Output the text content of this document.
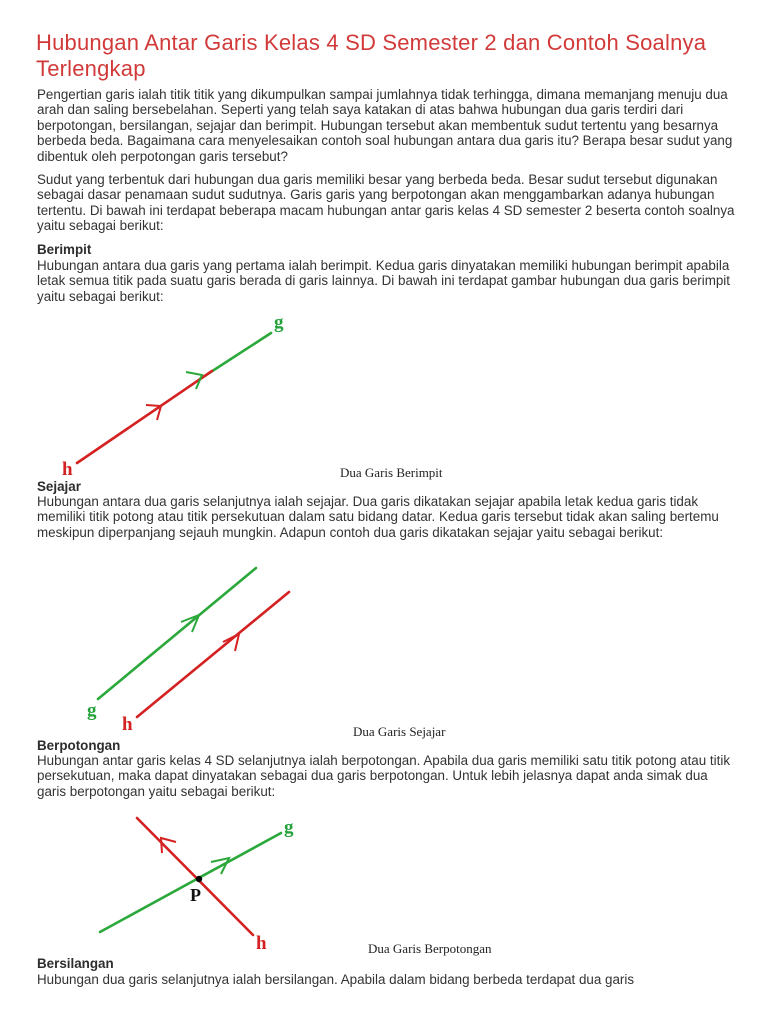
Hubungan Antar Garis Kelas 4 SD Semester 2 dan Contoh Soalnya Terlengkap

Pengertian garis ialah titik titik yang dikumpulkan sampai jumlahnya tidak terhingga, dimana memanjang menuju dua arah dan saling bersebelahan. Seperti yang telah saya katakan di atas bahwa hubungan dua garis terdiri dari berpotongan, bersilangan, sejajar dan berimpit. Hubungan tersebut akan membentuk sudut tertentu yang besarnya berbeda beda. Bagaimana cara menyelesaikan contoh soal hubungan antara dua garis itu? Berapa besar sudut yang dibentuk oleh perpotongan garis tersebut?

Sudut yang terbentuk dari hubungan dua garis memiliki besar yang berbeda beda. Besar sudut tersebut digunakan sebagai dasar penamaan sudut sudutnya. Garis garis yang berpotongan akan menggambarkan adanya hubungan tertentu. Di bawah ini terdapat beberapa macam hubungan antar garis kelas 4 SD semester 2 beserta contoh soalnya yaitu sebagai berikut:

Berimpit

Hubungan antara dua garis yang pertama ialah berimpit. Kedua garis dinyatakan memiliki hubungan berimpit apabila letak semua titik pada suatu garis berada di garis lainnya. Di bawah ini terdapat gambar hubungan dua garis berimpit yaitu sebagai berikut:

g
h	Dua Garis Berimpit
Sejajar

Hubungan antara dua garis selanjutnya ialah sejajar. Dua garis dikatakan sejajar apabila letak kedua garis tidak memiliki titik potong atau titik persekutuan dalam satu bidang datar. Kedua garis tersebut tidak akan saling bertemu meskipun diperpanjang sejauh mungkin. Adapun contoh dua garis dikatakan sejajar yaitu sebagai berikut:

g
h	Dua Garis Sejajar
Berpotongan

Hubungan antar garis kelas 4 SD selanjutnya ialah berpotongan. Apabila dua garis memiliki satu titik potong atau titik persekutuan, maka dapat dinyatakan sebagai dua garis berpotongan. Untuk lebih jelasnya dapat anda simak dua garis berpotongan yaitu sebagai berikut:

g
h
P
Dua Garis Berpotongan
Bersilangan

Hubungan dua garis selanjutnya ialah bersilangan. Apabila dalam bidang berbeda terdapat dua garis
